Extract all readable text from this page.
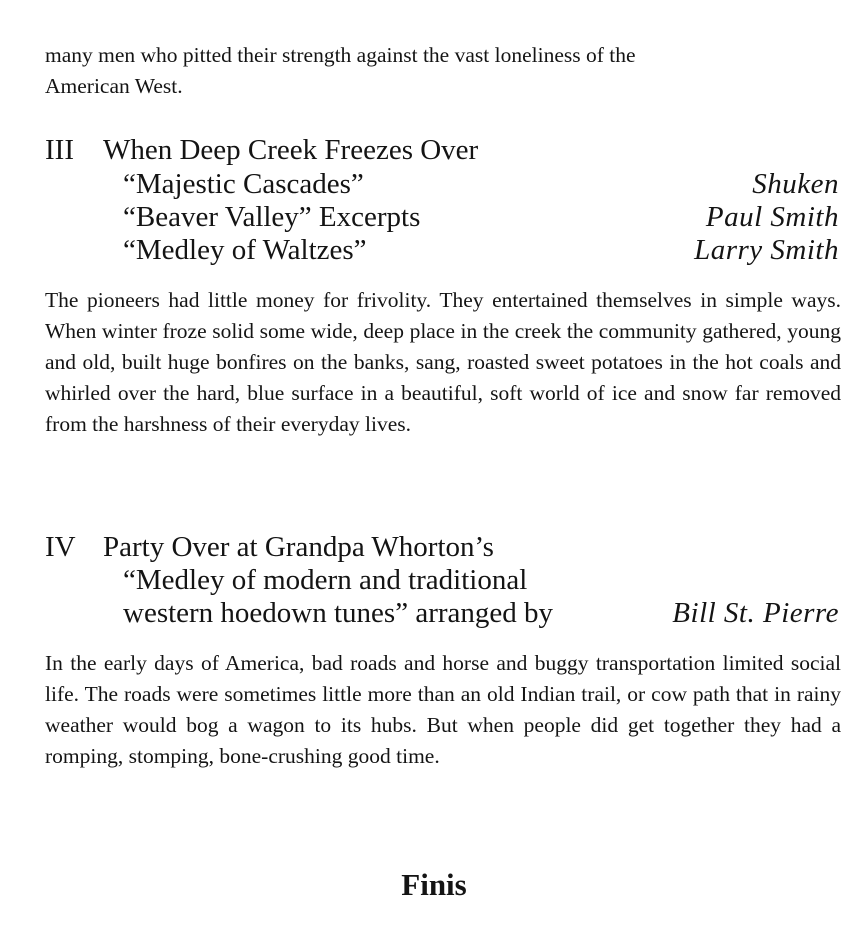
many men who pitted their strength against the vast loneliness of the
American West.

III When Deep Creek Freezes Over
“Majestic Cascades”	Shuken
“Beaver Valley” Excerpts	Paul Smith
“Medley of Waltzes”	Larry Smith

The pioneers had little money for frivolity. They entertained themselves in simple ways. When winter froze solid some wide, deep place in the creek the community gathered, young and old, built huge bonfires on the banks, sang, roasted sweet potatoes in the hot coals and whirled over the hard, blue surface in a beautiful, soft world of ice and snow far removed from the harshness of their everyday lives.

IV Party Over at Grandpa Whorton’s
“Medley of modern and traditional
western hoedown tunes” arranged by	Bill St. Pierre

In the early days of America, bad roads and horse and buggy transportation limited social life. The roads were sometimes little more than an old Indian trail, or cow path that in rainy weather would bog a wagon to its hubs. But when people did get together they had a romping, stomping, bone-crushing good time.

Finis
